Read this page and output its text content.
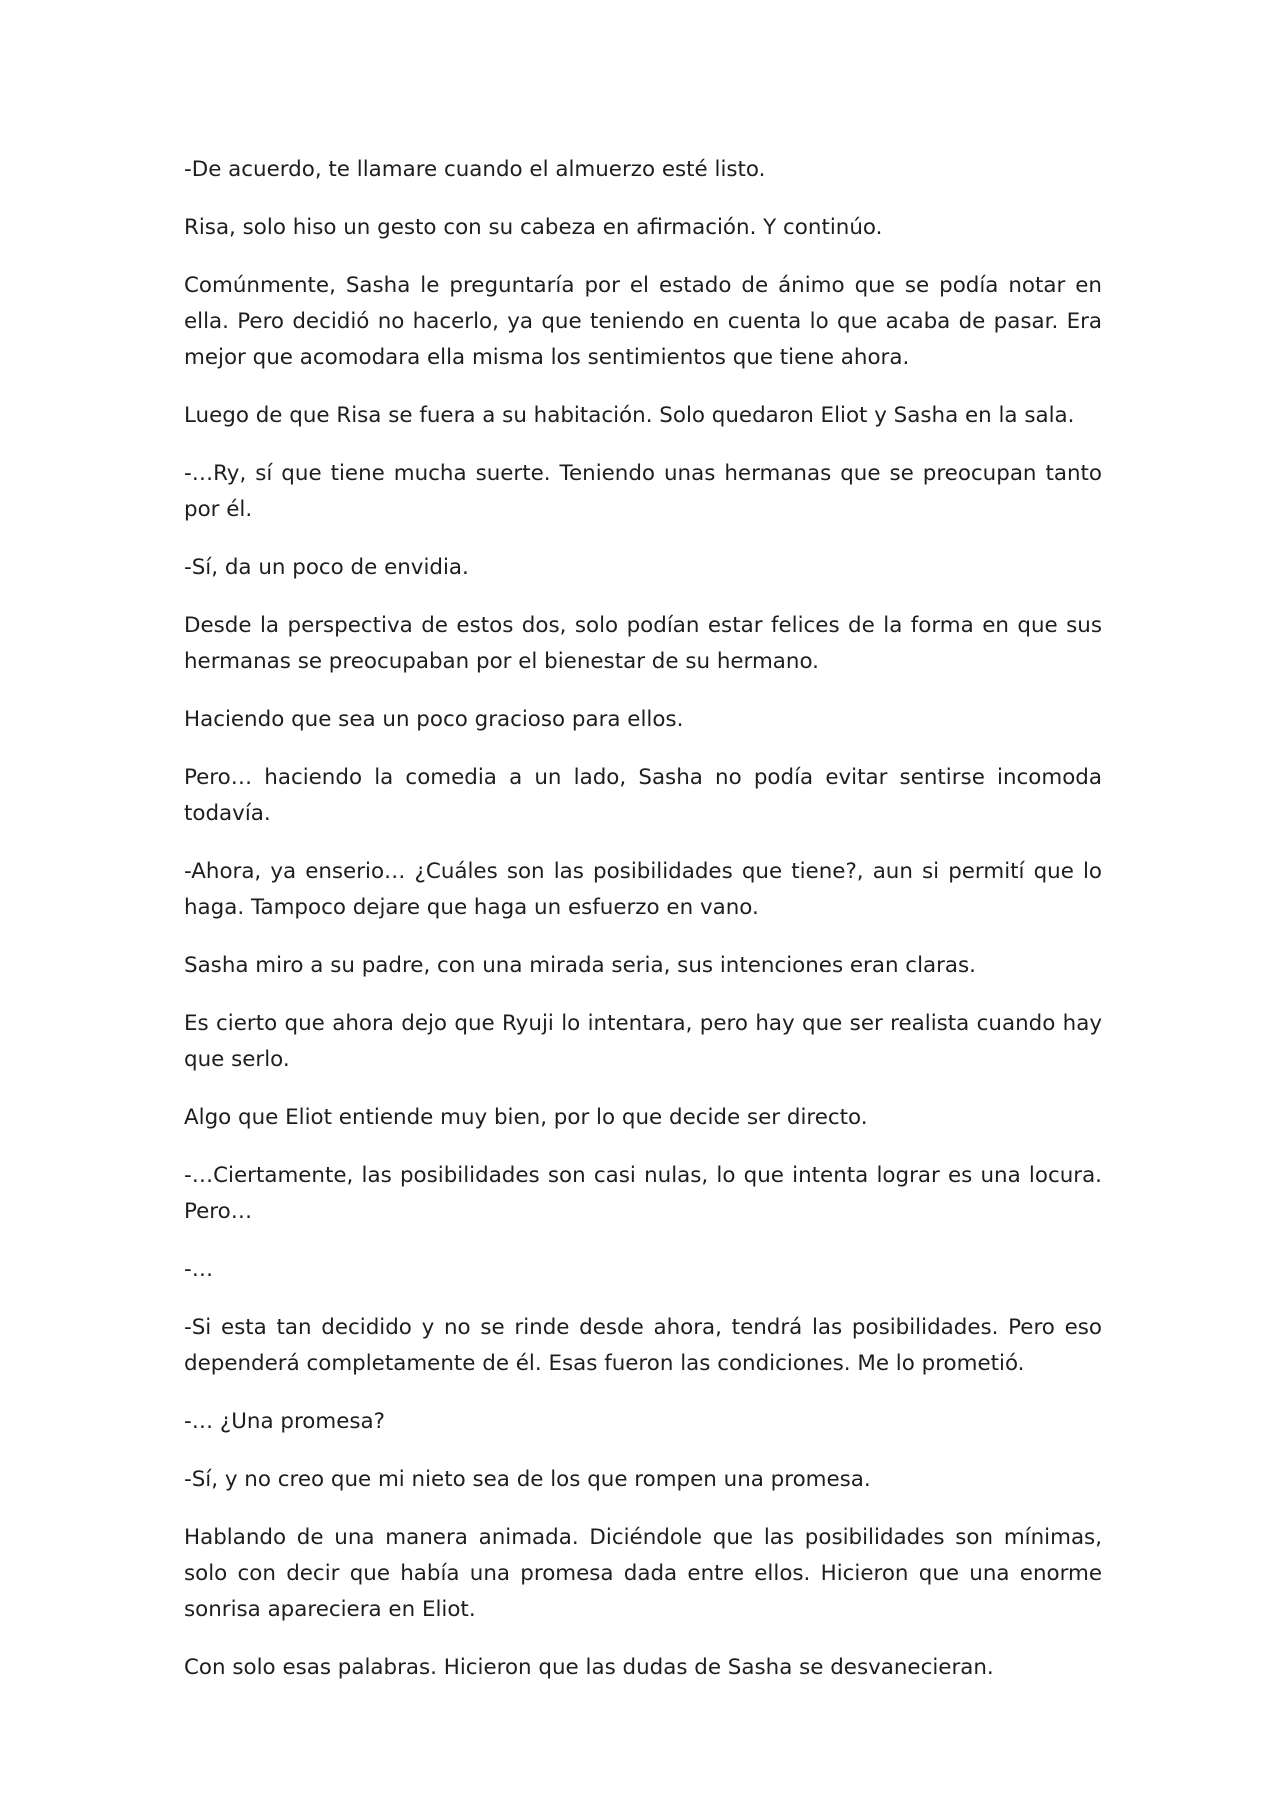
-De acuerdo, te llamare cuando el almuerzo esté listo.

Risa, solo hiso un gesto con su cabeza en afirmación. Y continúo.

Comúnmente, Sasha le preguntaría por el estado de ánimo que se podía notar en ella. Pero decidió no hacerlo, ya que teniendo en cuenta lo que acaba de pasar. Era mejor que acomodara ella misma los sentimientos que tiene ahora.

Luego de que Risa se fuera a su habitación. Solo quedaron Eliot y Sasha en la sala.

-…Ry, sí que tiene mucha suerte. Teniendo unas hermanas que se preocupan tanto por él.

-Sí, da un poco de envidia.

Desde la perspectiva de estos dos, solo podían estar felices de la forma en que sus hermanas se preocupaban por el bienestar de su hermano.

Haciendo que sea un poco gracioso para ellos.

Pero… haciendo la comedia a un lado, Sasha no podía evitar sentirse incomoda todavía.

-Ahora, ya enserio… ¿Cuáles son las posibilidades que tiene?, aun si permití que lo haga. Tampoco dejare que haga un esfuerzo en vano.

Sasha miro a su padre, con una mirada seria, sus intenciones eran claras.

Es cierto que ahora dejo que Ryuji lo intentara, pero hay que ser realista cuando hay que serlo.

Algo que Eliot entiende muy bien, por lo que decide ser directo.

-…Ciertamente, las posibilidades son casi nulas, lo que intenta lograr es una locura. Pero…

-…

-Si esta tan decidido y no se rinde desde ahora, tendrá las posibilidades. Pero eso dependerá completamente de él. Esas fueron las condiciones. Me lo prometió.

-… ¿Una promesa?

-Sí, y no creo que mi nieto sea de los que rompen una promesa.

Hablando de una manera animada. Diciéndole que las posibilidades son mínimas, solo con decir que había una promesa dada entre ellos. Hicieron que una enorme sonrisa apareciera en Eliot.

Con solo esas palabras. Hicieron que las dudas de Sasha se desvanecieran.
